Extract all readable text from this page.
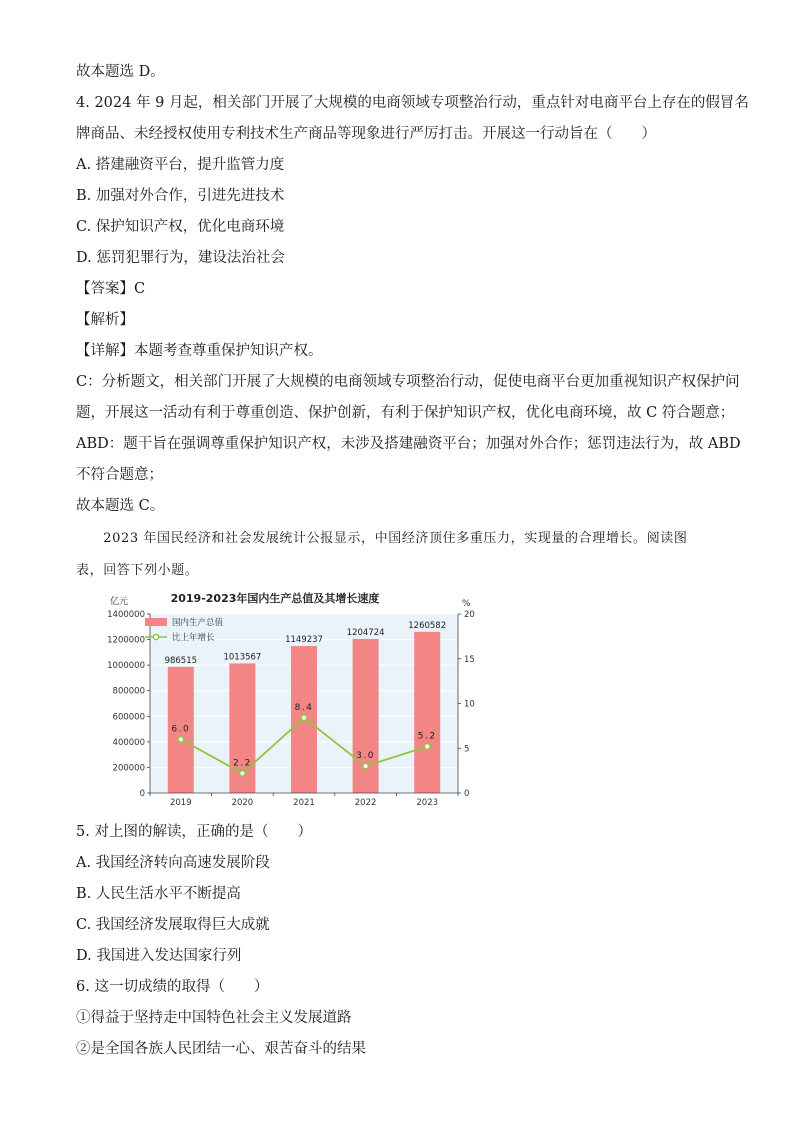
故本题选 D。
4. 2024 年 9 月起，相关部门开展了大规模的电商领域专项整治行动，重点针对电商平台上存在的假冒名
牌商品、未经授权使用专利技术生产商品等现象进行严厉打击。开展这一行动旨在（　　）
A. 搭建融资平台，提升监管力度
B. 加强对外合作，引进先进技术
C. 保护知识产权，优化电商环境
D. 惩罚犯罪行为，建设法治社会
【答案】C
【解析】
【详解】本题考查尊重保护知识产权。
C：分析题文，相关部门开展了大规模的电商领域专项整治行动，促使电商平台更加重视知识产权保护问
题，开展这一活动有利于尊重创造、保护创新，有利于保护知识产权，优化电商环境，故 C 符合题意；
ABD：题干旨在强调尊重保护知识产权，未涉及搭建融资平台；加强对外合作；惩罚违法行为，故 ABD
不符合题意；
故本题选 C。
　　2023 年国民经济和社会发展统计公报显示，中国经济顶住多重压力，实现量的合理增长。阅读图
表，回答下列小题。
0
200000
400000
600000
800000
1000000
1200000
1400000
0
5
10
15
20
2019	2020	2021	2022	2023
986515	1013567
1149237
1204724
1260582
6.0
2.2
8.4
3.0
5.2
2019-2023年国内生产总值及其增长速度
亿元	%
国内生产总值
比上年增长
5. 对上图的解读，正确的是（　　）
A. 我国经济转向高速发展阶段
B. 人民生活水平不断提高
C. 我国经济发展取得巨大成就
D. 我国进入发达国家行列
6. 这一切成绩的取得（　　）
①得益于坚持走中国特色社会主义发展道路
②是全国各族人民团结一心、艰苦奋斗的结果
